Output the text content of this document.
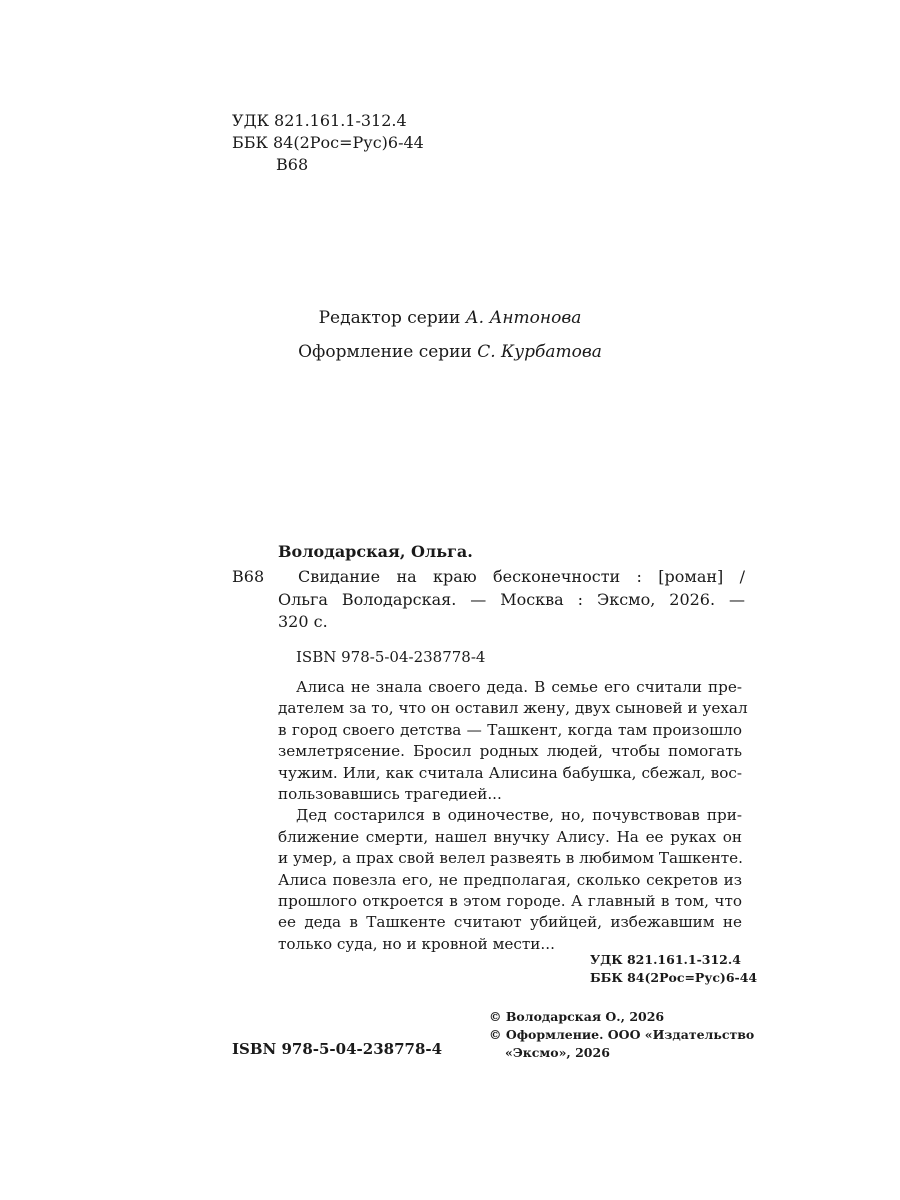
УДК 821.161.1-312.4
ББК 84(2Рос=Рус)6-44
В68
Редактор серии А. Антонова
Оформление серии С. Курбатова
Володарская, Ольга.
В68	Свидание на краю бесконечности : [роман] /
Ольга Володарская. — Москва : Эксмо, 2026. —
320 с.
ISBN 978-5-04-238778-4
Алиса не знала своего деда. В семье его считали пре-
дателем за то, что он оставил жену, двух сыновей и уехал
в город своего детства — Ташкент, когда там произошло
землетрясение. Бросил родных людей, чтобы помогать
чужим. Или, как считала Алисина бабушка, сбежал, вос-
пользовавшись трагедией...
Дед состарился в одиночестве, но, почувствовав при-
ближение смерти, нашел внучку Алису. На ее руках он
и умер, а прах свой велел развеять в любимом Ташкенте.
Алиса повезла его, не предполагая, сколько секретов из
прошлого откроется в этом городе. А главный в том, что
ее деда в Ташкенте считают убийцей, избежавшим не
только суда, но и кровной мести...
УДК 821.161.1-312.4
ББК 84(2Рос=Рус)6-44
© Володарская О., 2026
© Оформление. ООО «Издательство
«Эксмо», 2026
ISBN 978-5-04-238778-4
